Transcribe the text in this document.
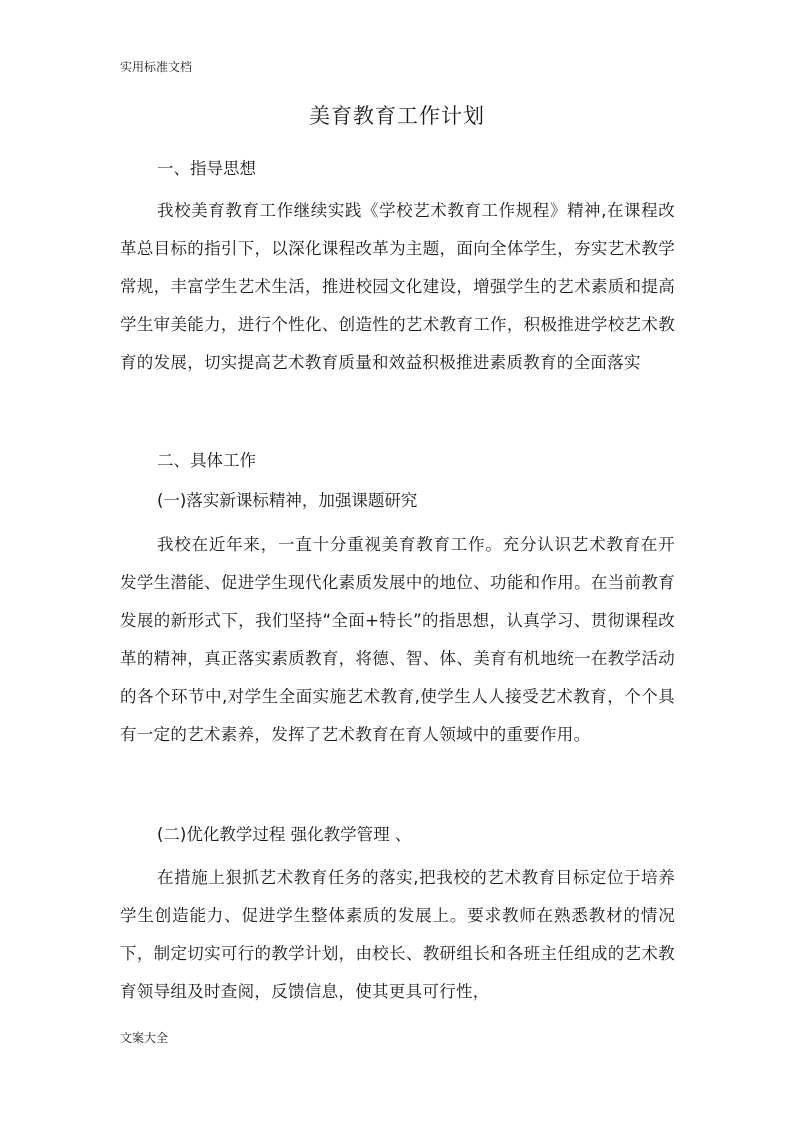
实用标准文档
美育教育工作计划
一、指导思想

我校美育教育工作继续实践《学校艺术教育工作规程》精神,在课程改革总目标的指引下，以深化课程改革为主题，面向全体学生，夯实艺术教学常规，丰富学生艺术生活，推进校园文化建设，增强学生的艺术素质和提高学生审美能力，进行个性化、创造性的艺术教育工作，积极推进学校艺术教育的发展，切实提高艺术教育质量和效益积极推进素质教育的全面落实

二、具体工作
(一)落实新课标精神，加强课题研究

我校在近年来，一直十分重视美育教育工作。充分认识艺术教育在开发学生潜能、促进学生现代化素质发展中的地位、功能和作用。在当前教育发展的新形式下，我们坚持“全面+特长”的指思想，认真学习、贯彻课程改革的精神，真正落实素质教育，将德、智、体、美育有机地统一在教学活动的各个环节中,对学生全面实施艺术教育,使学生人人接受艺术教育，个个具有一定的艺术素养，发挥了艺术教育在育人领域中的重要作用。

(二)优化教学过程 强化教学管理 、

在措施上狠抓艺术教育任务的落实,把我校的艺术教育目标定位于培养学生创造能力、促进学生整体素质的发展上。要求教师在熟悉教材的情况下，制定切实可行的教学计划，由校长、教研组长和各班主任组成的艺术教育领导组及时查阅，反馈信息，使其更具可行性，

文案大全
